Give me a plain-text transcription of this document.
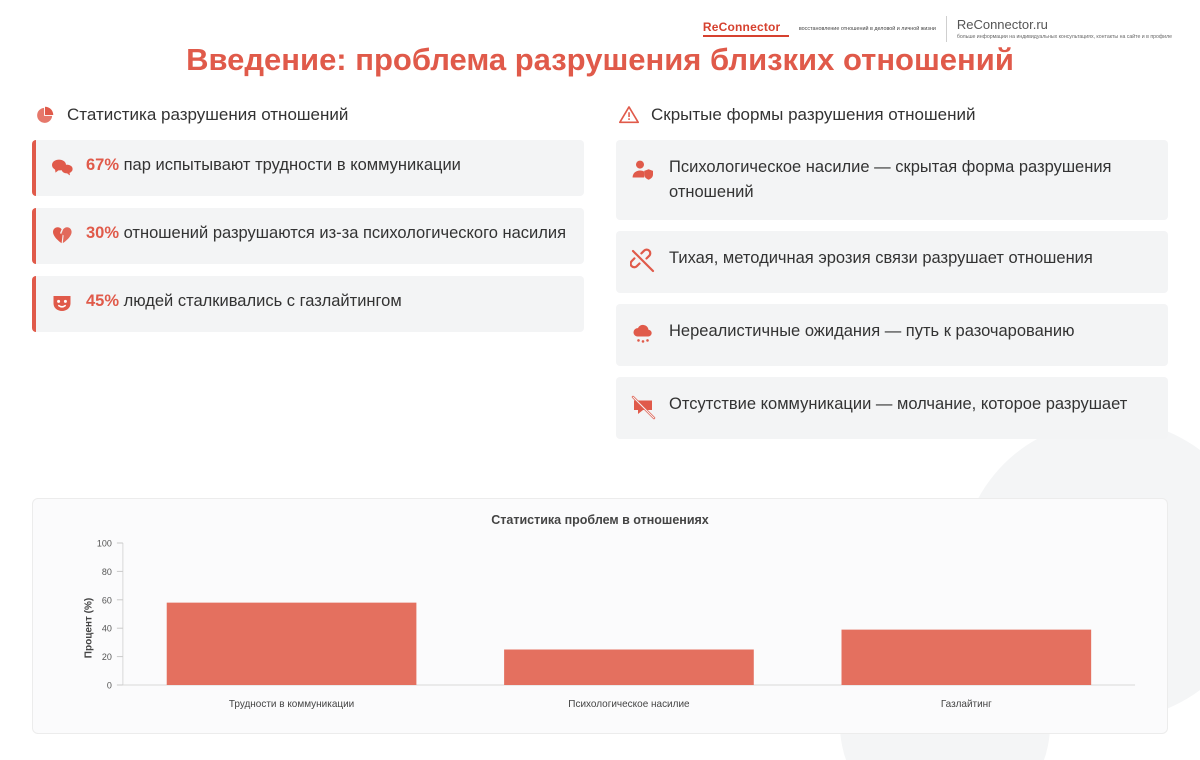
ReConnector	восстановление отношений в деловой и личной жизни ReConnector.ru
больше информации на индивидуальных консультациях, контакты на сайте и в профиле
Введение: проблема разрушения близких отношений
Статистика разрушения отношений
67% пар испытывают трудности в коммуникации
30% отношений разрушаются из-за психологического насилия
45% людей сталкивались с газлайтингом
Скрытые формы разрушения отношений
Психологическое насилие — скрытая форма разрушения отношений
Тихая, методичная эрозия связи разрушает отношения
Нереалистичные ожидания — путь к разочарованию
Отсутствие коммуникации — молчание, которое разрушает
Статистика проблем в отношениях
Процент (%)
0
20
40
60
80
100
Трудности в коммуникации	Психологическое насилие	Газлайтинг
